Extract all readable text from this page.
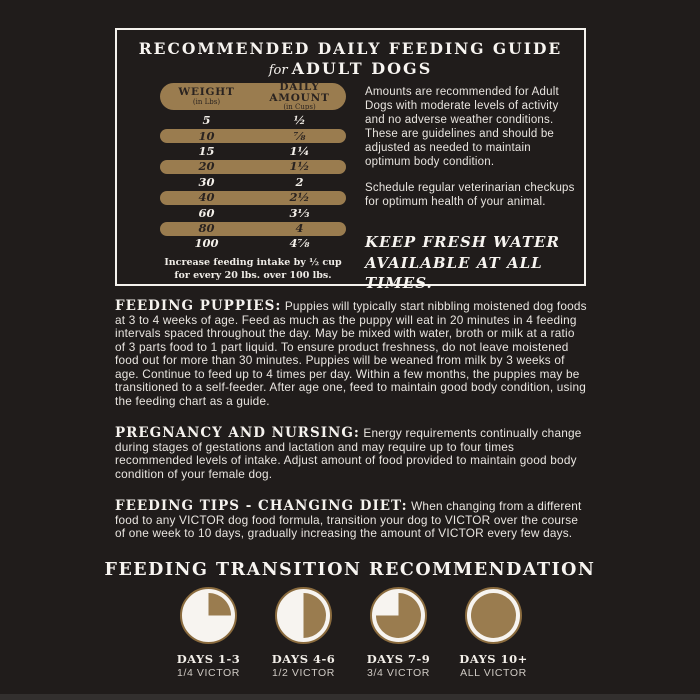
RECOMMENDED DAILY FEEDING GUIDE
for ADULT DOGS
WEIGHT
(in Lbs)
DAILY AMOUNT
(in Cups)
5	½
10	⅞
15	1¼
20	1½
30	2
40	2½
60	3⅓
80	4
100	4⅞
Increase feeding intake by ½ cup
for every 20 lbs. over 100 lbs.
Amounts are recommended for Adult Dogs with moderate levels of activity and no adverse weather conditions. These are guidelines and should be adjusted as needed to maintain optimum body condition.
Schedule regular veterinarian checkups for optimum health of your animal.
KEEP FRESH WATER
AVAILABLE AT ALL TIMES.

FEEDING PUPPIES: Puppies will typically start nibbling moistened dog foods at 3 to 4 weeks of age. Feed as much as the puppy will eat in 20 minutes in 4 feeding intervals spaced throughout the day. May be mixed with water, broth or milk at a ratio of 3 parts food to 1 part liquid. To ensure product freshness, do not leave moistened food out for more than 30 minutes. Puppies will be weaned from milk by 3 weeks of age. Continue to feed up to 4 times per day. Within a few months, the puppies may be transitioned to a self-feeder. After age one, feed to maintain good body condition, using the feeding chart as a guide.

PREGNANCY AND NURSING: Energy requirements continually change during stages of gestations and lactation and may require up to four times recommended levels of intake. Adjust amount of food provided to maintain good body condition of your female dog.

FEEDING TIPS - CHANGING DIET: When changing from a different food to any VICTOR dog food formula, transition your dog to VICTOR over the course of one week to 10 days, gradually increasing the amount of VICTOR every few days.

FEEDING TRANSITION RECOMMENDATION
DAYS 1-3
1/4 VICTOR
DAYS 4-6
1/2 VICTOR
DAYS 7-9
3/4 VICTOR
DAYS 10+
ALL VICTOR
